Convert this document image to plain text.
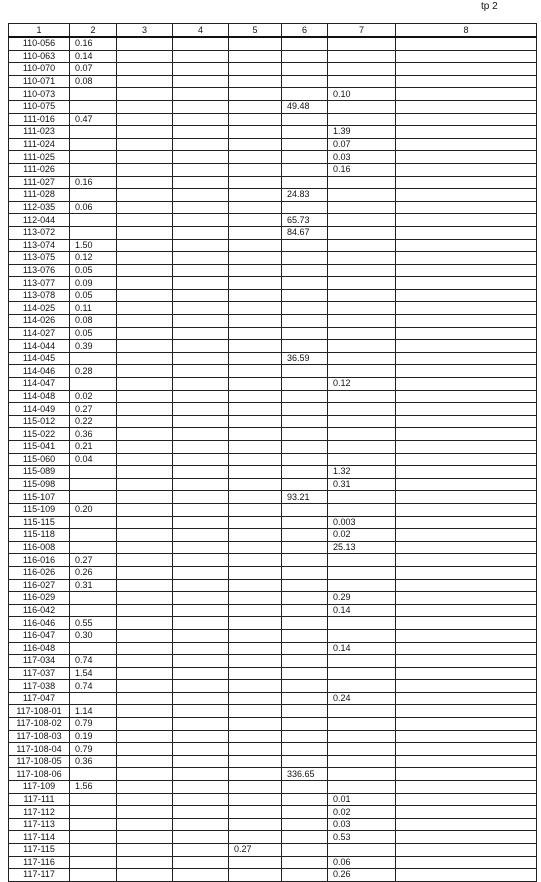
tp 2
1	2	3	4	5	6	7	8
110-056	0.16						
110-063	0.14						
110-070	0.07						
110-071	0.08						
110-073						0.10	
110-075					49.48		
111-016	0.47						
111-023						1.39	
111-024						0.07	
111-025						0.03	
111-026						0.16	
111-027	0.16						
111-028					24.83		
112-035	0.06						
112-044					65.73		
113-072					84.67		
113-074	1.50						
113-075	0.12						
113-076	0.05						
113-077	0.09						
113-078	0.05						
114-025	0.11						
114-026	0.08						
114-027	0.05						
114-044	0.39						
114-045					36.59		
114-046	0.28						
114-047						0.12	
114-048	0.02						
114-049	0.27						
115-012	0.22						
115-022	0.36						
115-041	0.21						
115-060	0.04						
115-089						1.32	
115-098						0.31	
115-107					93.21		
115-109	0.20						
115-115						0.003	
115-118						0.02	
116-008						25.13	
116-016	0.27						
116-026	0.26						
116-027	0.31						
116-029						0.29	
116-042						0.14	
116-046	0.55						
116-047	0.30						
116-048						0.14	
117-034	0.74						
117-037	1.54						
117-038	0.74						
117-047						0.24	
117-108-01	1.14						
117-108-02	0.79						
117-108-03	0.19						
117-108-04	0.79						
117-108-05	0.36						
117-108-06					336.65		
117-109	1.56						
117-111						0.01	
117-112						0.02	
117-113						0.03	
117-114						0.53	
117-115				0.27			
117-116						0.06	
117-117						0.26	
